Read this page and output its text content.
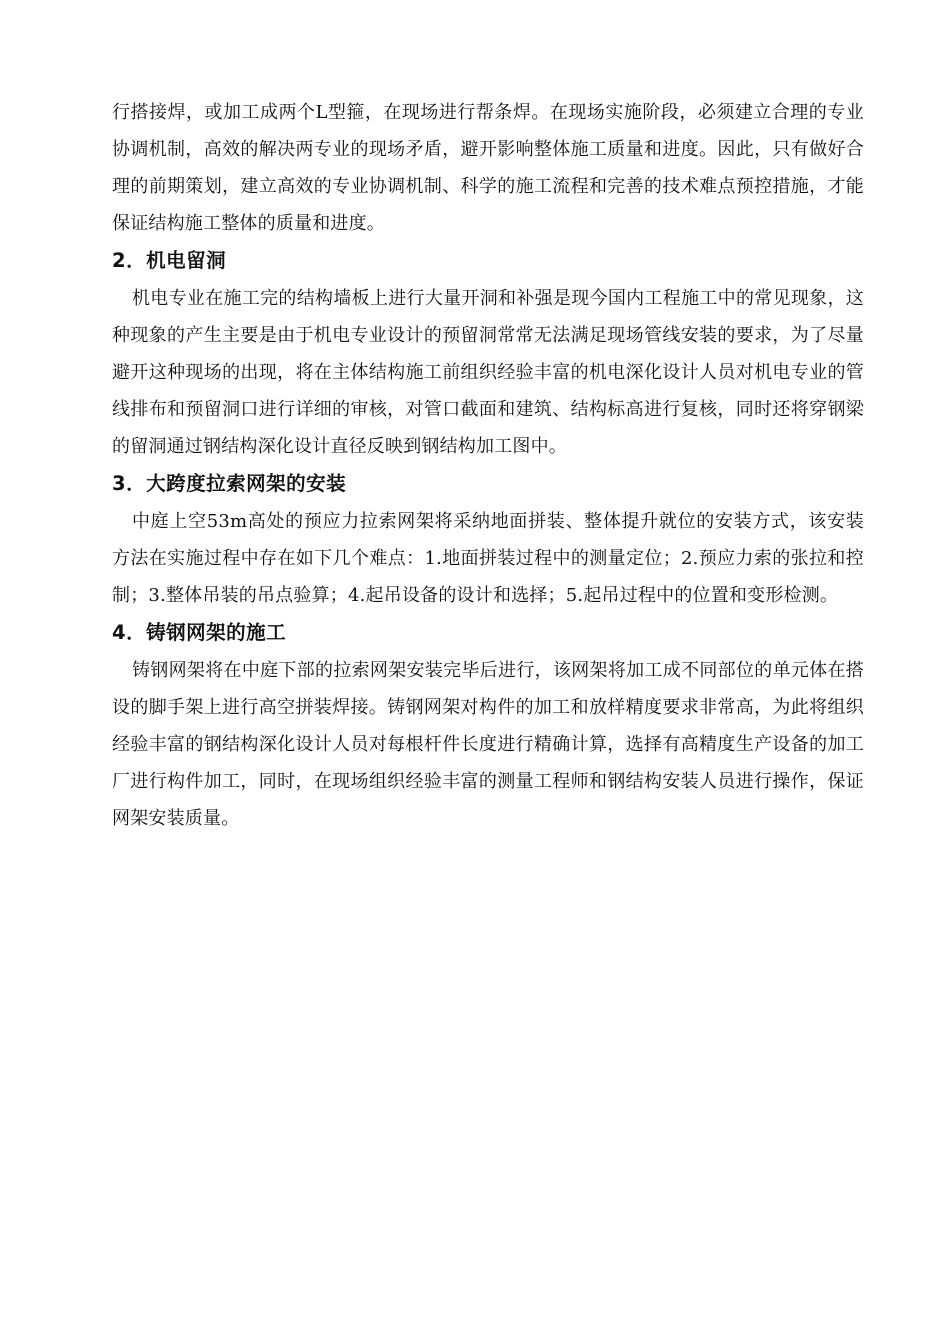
行搭接焊，或加工成两个L型箍，在现场进行帮条焊。在现场实施阶段，必须建立合理的专业协调机制，高效的解决两专业的现场矛盾，避开影响整体施工质量和进度。因此，只有做好合理的前期策划，建立高效的专业协调机制、科学的施工流程和完善的技术难点预控措施，才能保证结构施工整体的质量和进度。

2．机电留洞

机电专业在施工完的结构墙板上进行大量开洞和补强是现今国内工程施工中的常见现象，这种现象的产生主要是由于机电专业设计的预留洞常常无法满足现场管线安装的要求，为了尽量避开这种现场的出现，将在主体结构施工前组织经验丰富的机电深化设计人员对机电专业的管线排布和预留洞口进行详细的审核，对管口截面和建筑、结构标高进行复核，同时还将穿钢梁的留洞通过钢结构深化设计直径反映到钢结构加工图中。

3．大跨度拉索网架的安装

中庭上空53m高处的预应力拉索网架将采纳地面拼装、整体提升就位的安装方式，该安装方法在实施过程中存在如下几个难点：1.地面拼装过程中的测量定位；2.预应力索的张拉和控制；3.整体吊装的吊点验算；4.起吊设备的设计和选择；5.起吊过程中的位置和变形检测。

4．铸钢网架的施工

铸钢网架将在中庭下部的拉索网架安装完毕后进行，该网架将加工成不同部位的单元体在搭设的脚手架上进行高空拼装焊接。铸钢网架对构件的加工和放样精度要求非常高，为此将组织经验丰富的钢结构深化设计人员对每根杆件长度进行精确计算，选择有高精度生产设备的加工厂进行构件加工，同时，在现场组织经验丰富的测量工程师和钢结构安装人员进行操作，保证网架安装质量。
